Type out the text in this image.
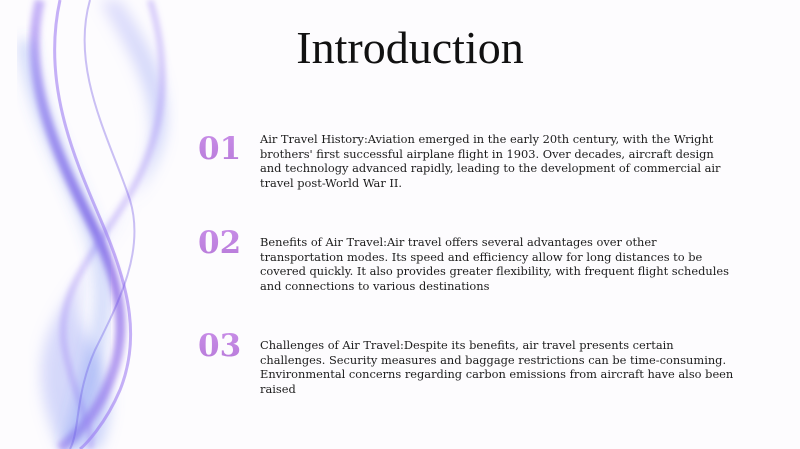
Introduction
01 Air Travel History:Aviation emerged in the early 20th century, with the Wright brothers' first successful airplane flight in 1903. Over decades, aircraft design and technology advanced rapidly, leading to the development of commercial air travel post-World War II.
02 Benefits of Air Travel:Air travel offers several advantages over other transportation modes. Its speed and efficiency allow for long distances to be covered quickly. It also provides greater flexibility, with frequent flight schedules and connections to various destinations
03 Challenges of Air Travel:Despite its benefits, air travel presents certain challenges. Security measures and baggage restrictions can be time-consuming. Environmental concerns regarding carbon emissions from aircraft have also been raised
